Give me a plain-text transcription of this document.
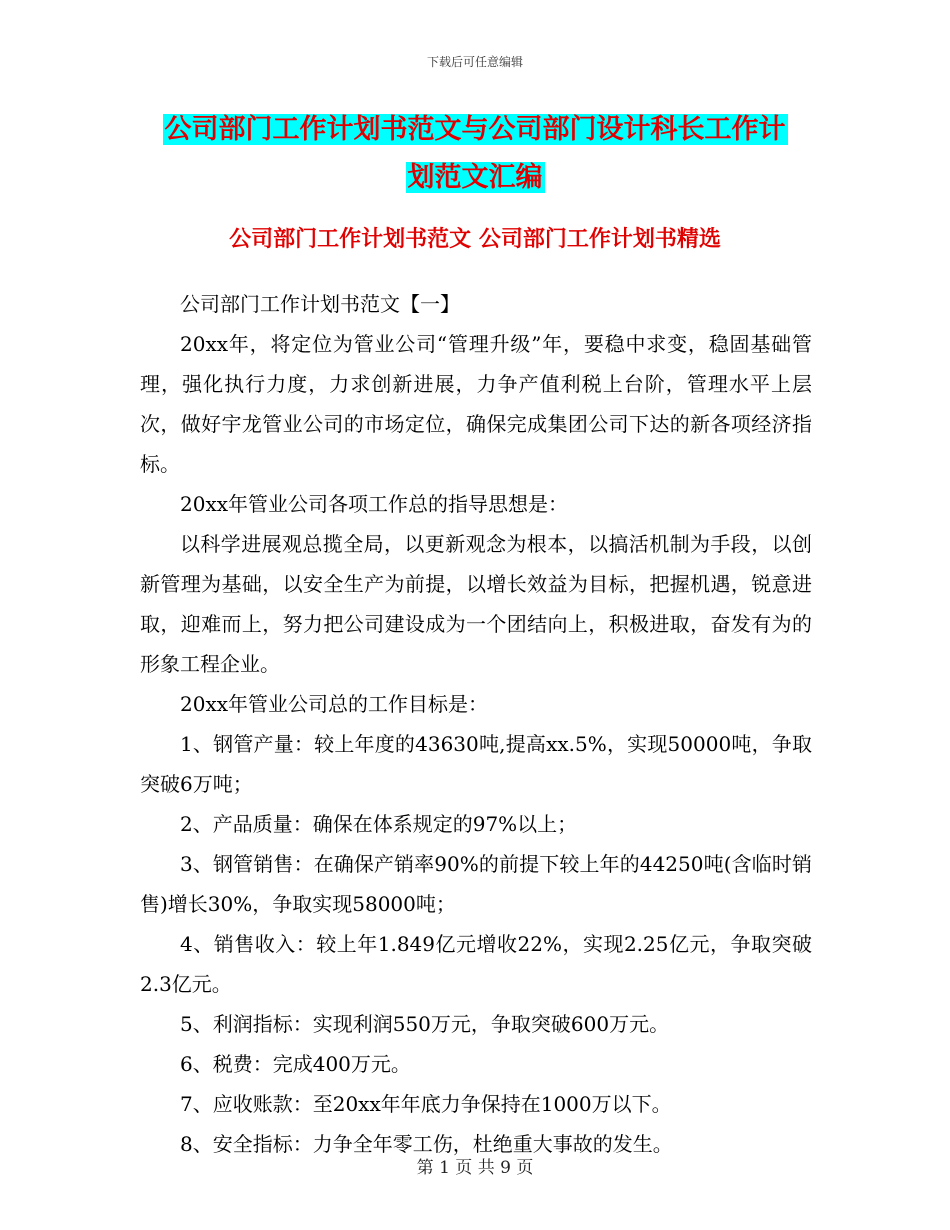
下载后可任意编辑
公司部门工作计划书范文与公司部门设计科长工作计
划范文汇编
公司部门工作计划书范文 公司部门工作计划书精选

公司部门工作计划书范文【一】

20xx年，将定位为管业公司“管理升级”年，要稳中求变，稳固基础管理，强化执行力度，力求创新进展，力争产值利税上台阶，管理水平上层次，做好宇龙管业公司的市场定位，确保完成集团公司下达的新各项经济指标。

20xx年管业公司各项工作总的指导思想是：

以科学进展观总揽全局，以更新观念为根本，以搞活机制为手段，以创新管理为基础，以安全生产为前提，以增长效益为目标，把握机遇，锐意进取，迎难而上，努力把公司建设成为一个团结向上，积极进取，奋发有为的形象工程企业。

20xx年管业公司总的工作目标是：

1、钢管产量：较上年度的43630吨,提高xx.5%，实现50000吨，争取突破6万吨；

2、产品质量：确保在体系规定的97%以上；

3、钢管销售：在确保产销率90%的前提下较上年的44250吨(含临时销售)增长30%，争取实现58000吨；

4、销售收入：较上年1.849亿元增收22%，实现2.25亿元，争取突破2.3亿元。

5、利润指标：实现利润550万元，争取突破600万元。

6、税费：完成400万元。

7、应收账款：至20xx年年底力争保持在1000万以下。

8、安全指标：力争全年零工伤，杜绝重大事故的发生。

第 1 页 共 9 页
